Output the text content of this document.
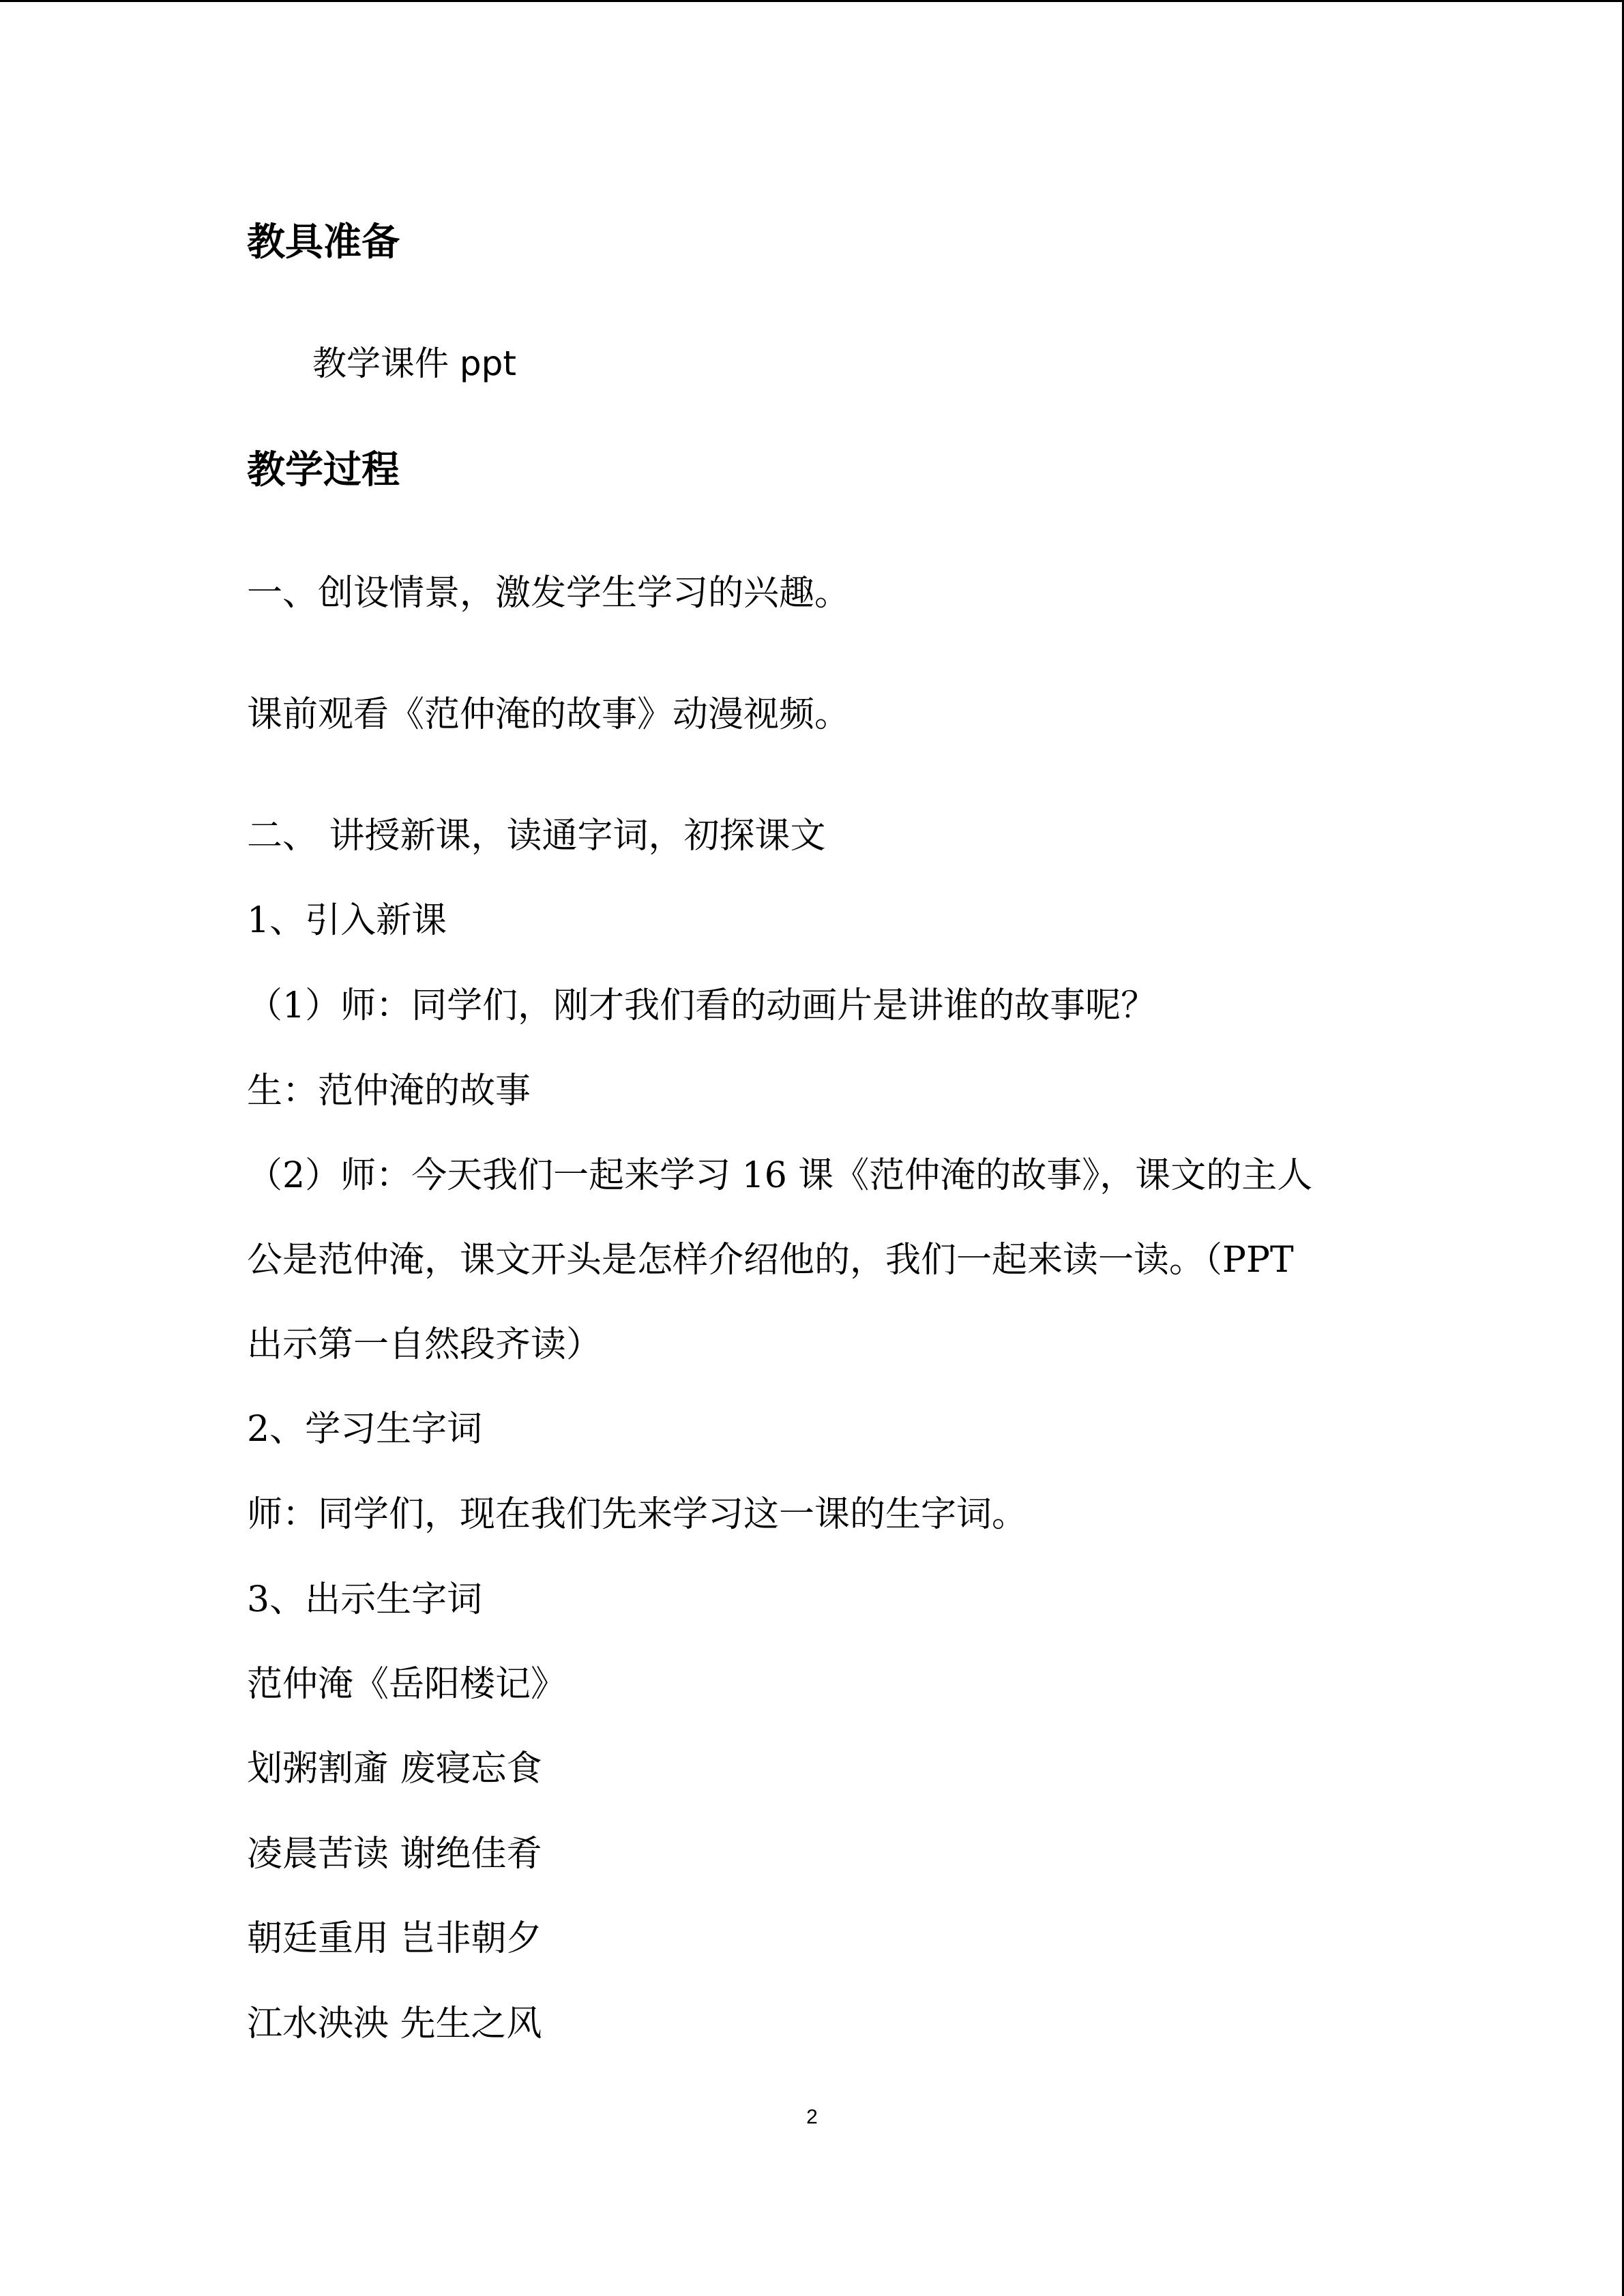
教具准备
教学课件 ppt
教学过程
一、创设情景，激发学生学习的兴趣。
课前观看《范仲淹的故事》动漫视频。
二、 讲授新课，读通字词，初探课文
1、引入新课
（1）师：同学们，刚才我们看的动画片是讲谁的故事呢？
生：范仲淹的故事
（2）师：今天我们一起来学习 16 课《范仲淹的故事》，课文的主人
公是范仲淹，课文开头是怎样介绍他的，我们一起来读一读。（PPT
出示第一自然段齐读）
2、学习生字词
师：同学们，现在我们先来学习这一课的生字词。
3、出示生字词
范仲淹《岳阳楼记》
划粥割齑 废寝忘食
凌晨苦读 谢绝佳肴
朝廷重用 岂非朝夕
江水泱泱 先生之风
2
